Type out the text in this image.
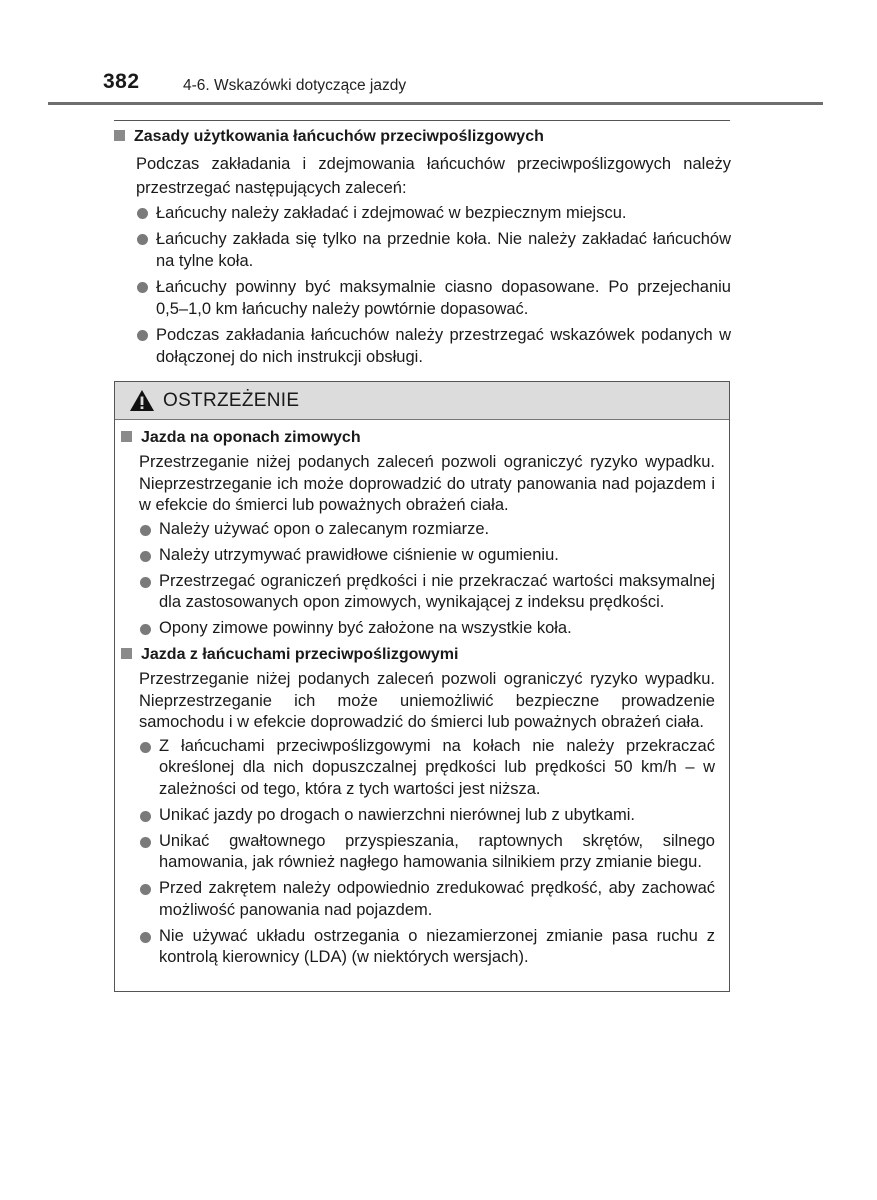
382	4-6. Wskazówki dotyczące jazdy

Zasady użytkowania łańcuchów przeciwpoślizgowych

Podczas zakładania i zdejmowania łańcuchów przeciwpoślizgowych należy przestrzegać następujących zaleceń:

Łańcuchy należy zakładać i zdejmować w bezpiecznym miejscu.
Łańcuchy zakłada się tylko na przednie koła. Nie należy zakładać łańcuchów na tylne koła.
Łańcuchy powinny być maksymalnie ciasno dopasowane. Po przejechaniu 0,5–1,0 km łańcuchy należy powtórnie dopasować.
Podczas zakładania łańcuchów należy przestrzegać wskazówek podanych w dołączonej do nich instrukcji obsługi.
OSTRZEŻENIE

Jazda na oponach zimowych

Przestrzeganie niżej podanych zaleceń pozwoli ograniczyć ryzyko wypadku. Nieprzestrzeganie ich może doprowadzić do utraty panowania nad pojazdem i w efekcie do śmierci lub poważnych obrażeń ciała.

Należy używać opon o zalecanym rozmiarze.
Należy utrzymywać prawidłowe ciśnienie w ogumieniu.
Przestrzegać ograniczeń prędkości i nie przekraczać wartości maksymalnej dla zastosowanych opon zimowych, wynikającej z indeksu prędkości.
Opony zimowe powinny być założone na wszystkie koła.

Jazda z łańcuchami przeciwpoślizgowymi

Przestrzeganie niżej podanych zaleceń pozwoli ograniczyć ryzyko wypadku. Nieprzestrzeganie ich może uniemożliwić bezpieczne prowadzenie samochodu i w efekcie doprowadzić do śmierci lub poważnych obrażeń ciała.

Z łańcuchami przeciwpoślizgowymi na kołach nie należy przekraczać określonej dla nich dopuszczalnej prędkości lub prędkości 50 km/h – w zależności od tego, która z tych wartości jest niższa.
Unikać jazdy po drogach o nawierzchni nierównej lub z ubytkami.
Unikać gwałtownego przyspieszania, raptownych skrętów, silnego hamowania, jak również nagłego hamowania silnikiem przy zmianie biegu.
Przed zakrętem należy odpowiednio zredukować prędkość, aby zachować możliwość panowania nad pojazdem.
Nie używać układu ostrzegania o niezamierzonej zmianie pasa ruchu z kontrolą kierownicy (LDA) (w niektórych wersjach).
